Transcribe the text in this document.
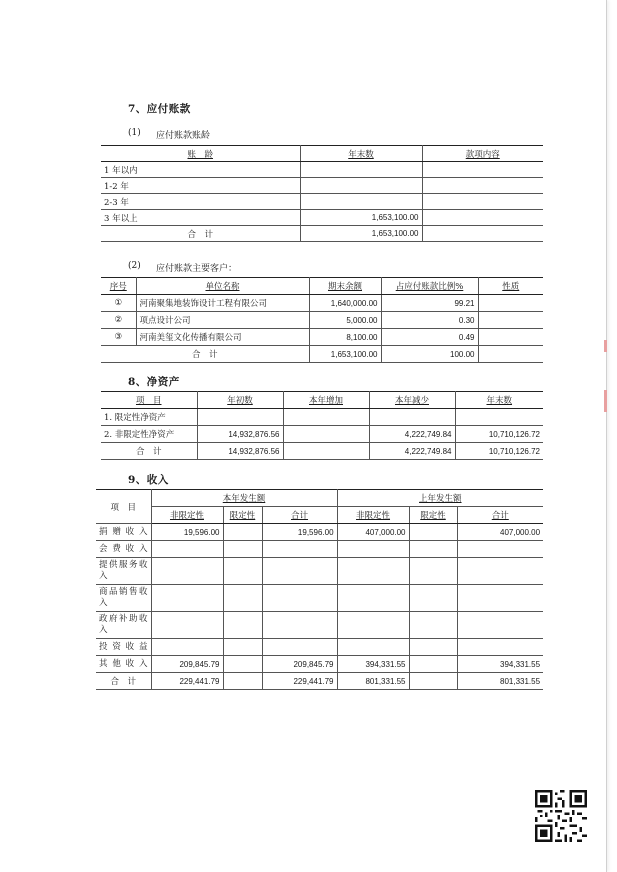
7、应付账款
(1) 应付账款账龄
账　龄	年末数	款项内容
1 年以内		
1-2 年		
2-3 年		
3 年以上	1,653,100.00	
合　计	1,653,100.00	
(2) 应付账款主要客户：
序号	单位名称	期末余额	占应付账款比例%	性质
①	河南聚集地装饰设计工程有限公司	1,640,000.00	99.21	
②	项点设计公司	5,000.00	0.30	
③	河南美玺文化传播有限公司	8,100.00	0.49	
合　计		1,653,100.00	100.00	
8、净资产
项　目	年初数	本年增加	本年减少	年末数
1. 限定性净资产				
2. 非限定性净资产	14,932,876.56		4,222,749.84	10,710,126.72
合　计	14,932,876.56		4,222,749.84	10,710,126.72
9、收入
项　目	本年发生额			上年发生额		
	非限定性	限定性	合计	非限定性	限定性	合计
捐赠收入	19,596.00		19,596.00	407,000.00		407,000.00
会费收入						
提供服务收入						
商品销售收入						
政府补助收入						
投资收益						
其他收入	209,845.79		209,845.79	394,331.55		394,331.55
合　计	229,441.79		229,441.79	801,331.55		801,331.55
